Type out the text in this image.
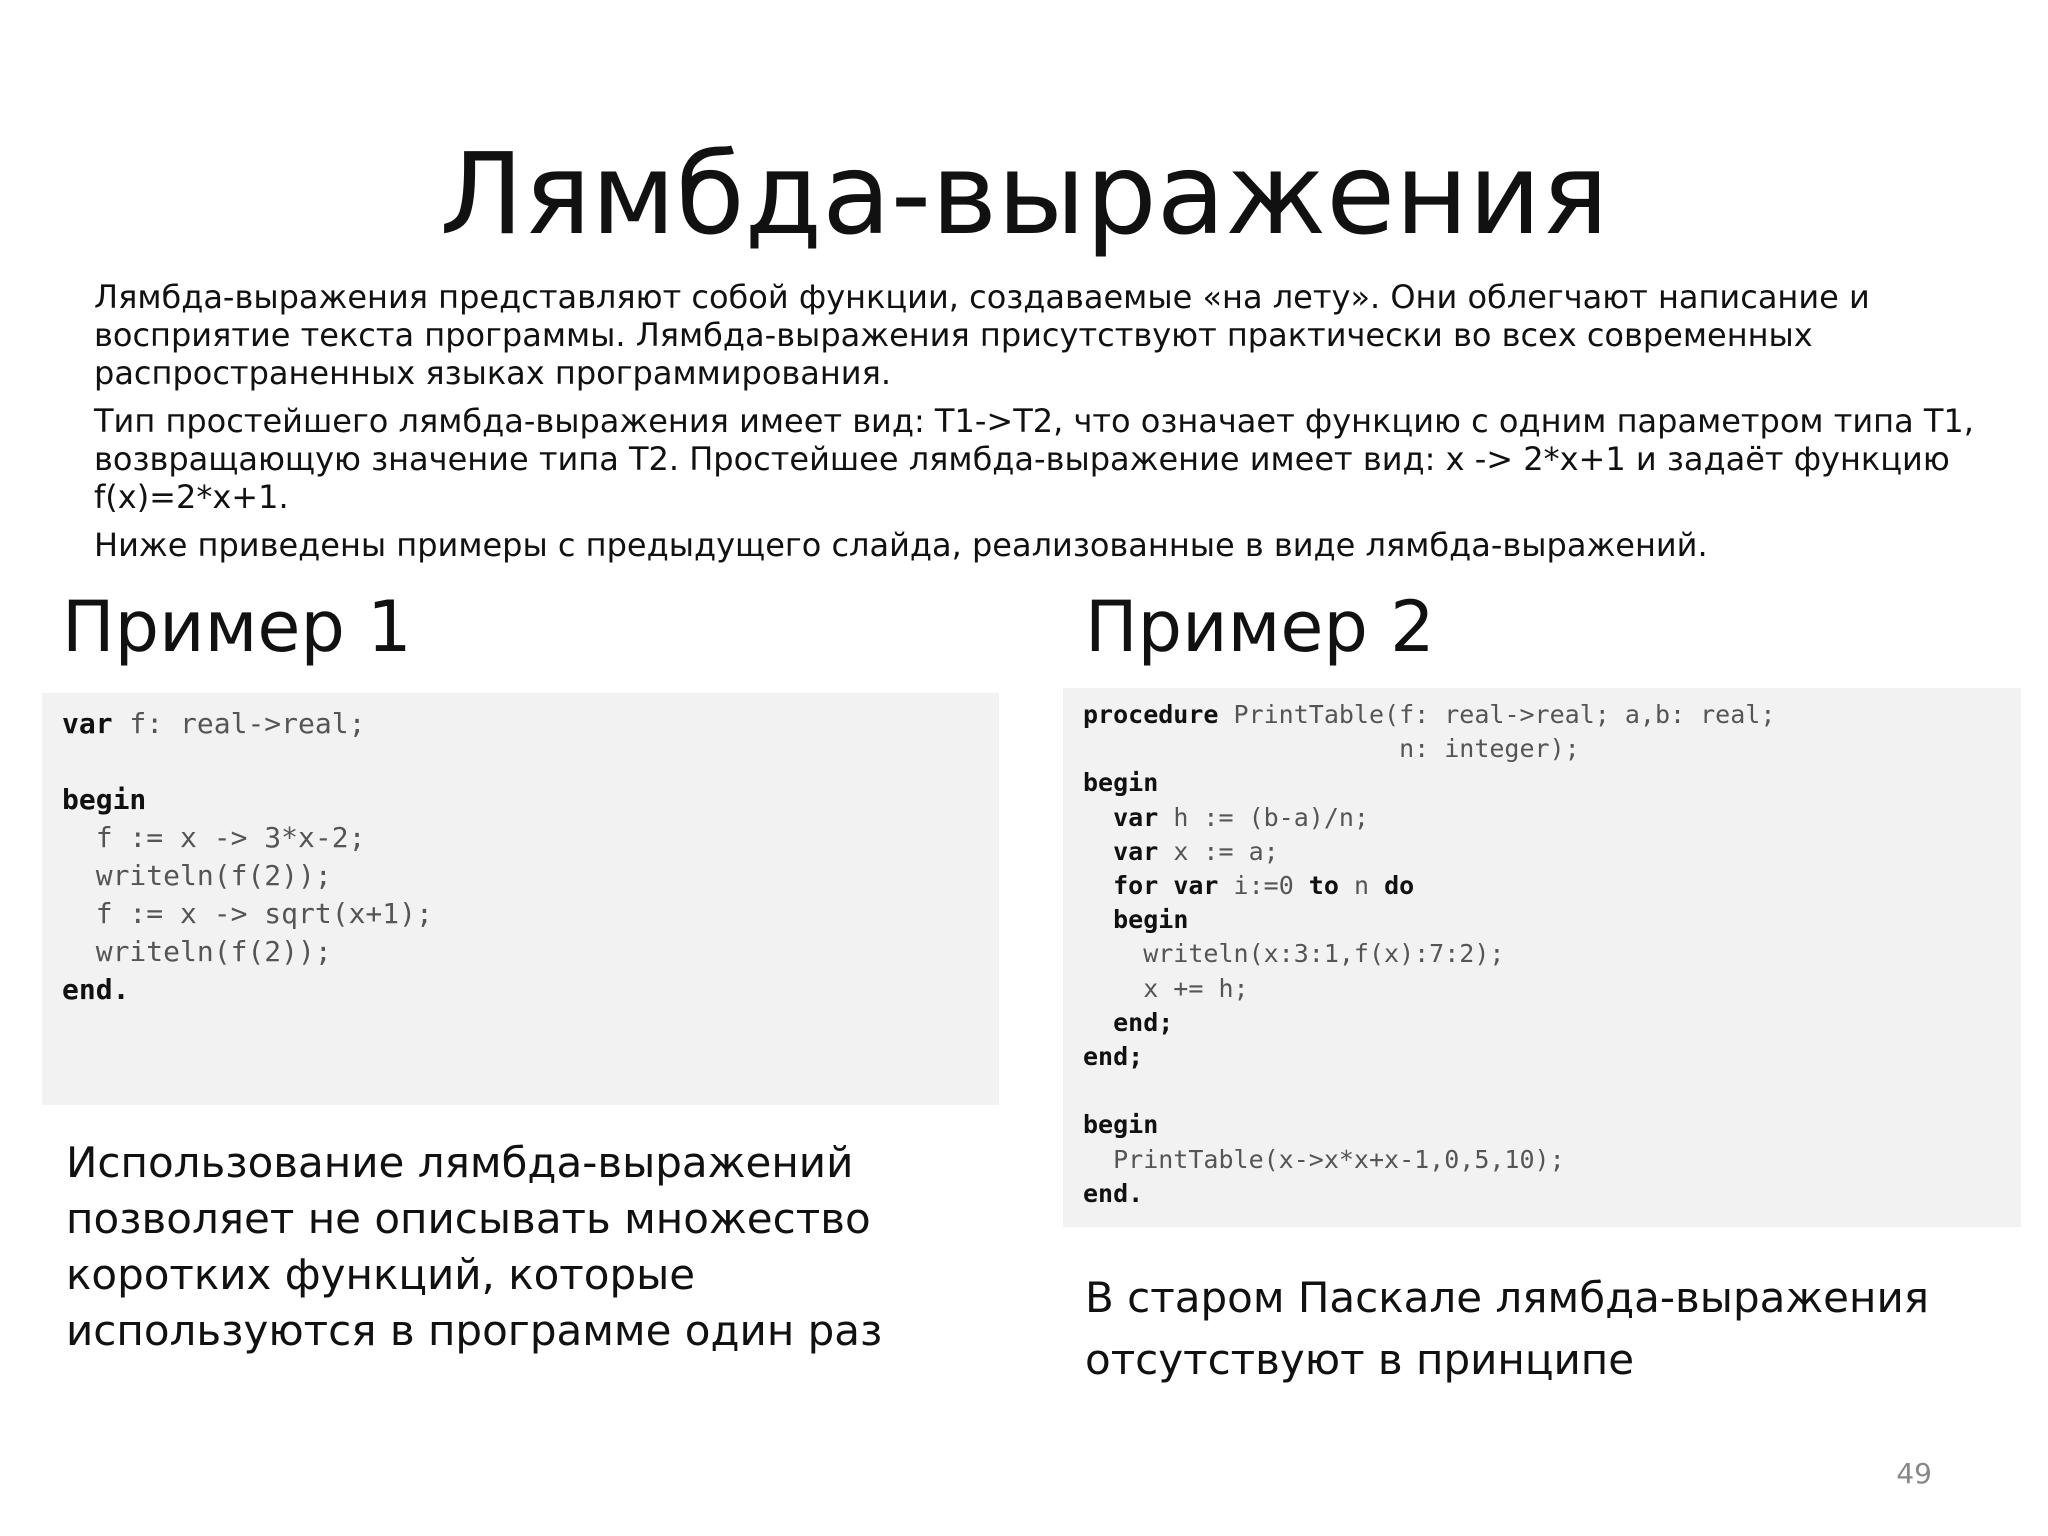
Лямбда-выражения

Лямбда-выражения представляют собой функции, создаваемые «на лету». Они облегчают написание и восприятие текста программы. Лямбда-выражения присутствуют практически во всех современных распространенных языках программирования.

Тип простейшего лямбда-выражения имеет вид: T1->T2, что означает функцию с одним параметром типа T1, возвращающую значение типа T2. Простейшее лямбда-выражение имеет вид: x -> 2*x+1 и задаёт функцию f(x)=2*x+1.

Ниже приведены примеры с предыдущего слайда, реализованные в виде лямбда-выражений.

Пример 1	Пример 2
var f: real->real;

begin
f := x -> 3*x-2;
writeln(f(2));
f := x -> sqrt(x+1);
writeln(f(2));
end.
procedure PrintTable(f: real->real; a,b: real;
n: integer);
begin
var h := (b-a)/n;
var x := a;
for var i:=0 to n do
begin
writeln(x:3:1,f(x):7:2);
x += h;
end;
end;

begin
PrintTable(x->x*x+x-1,0,5,10);
end.

Использование лямбда-выражений позволяет не описывать множество коротких функций, которые используются в программе один раз

В старом Паскале лямбда-выражения отсутствуют в принципе

49
